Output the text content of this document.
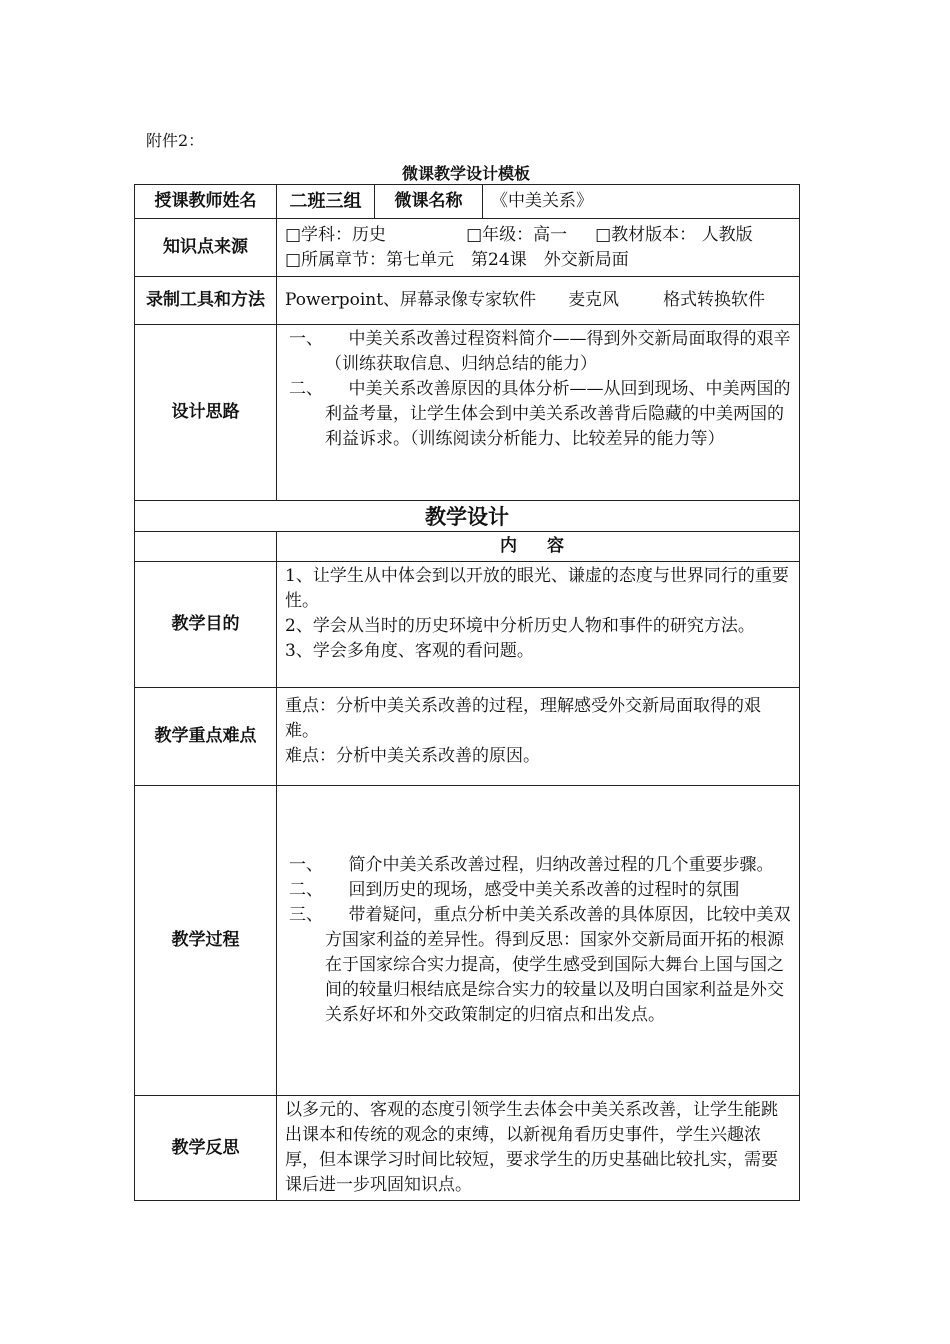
附件2：
微课教学设计模板
授课教师姓名	二班三组	微课名称	《中美关系》
知识点来源	□学科：历史 □年级：高一 □教材版本： 人教版
□所属章节：第七单元　第24课　外交新局面		

录制工具和方法	Powerpoint、屏幕录像专家软件 麦克风 格式转换软件		
设计思路	一、　　中美关系改善过程资料简介——得到外交新局面取得的艰辛（训练获取信息、归纳总结的能力）
二、　　中美关系改善原因的具体分析——从回到现场、中美两国的利益考量，让学生体会到中美关系改善背后隐藏的中美两国的利益诉求。（训练阅读分析能力、比较差异的能力等）		

教学设计			
	内 容		
教学目的	1、让学生从中体会到以开放的眼光、谦虚的态度与世界同行的重要性。
2、学会从当时的历史环境中分析历史人物和事件的研究方法。
3、学会多角度、客观的看问题。		

教学重点难点	重点：分析中美关系改善的过程，理解感受外交新局面取得的艰难。
难点：分析中美关系改善的原因。		

教学过程	一、　　简介中美关系改善过程，归纳改善过程的几个重要步骤。
二、　　回到历史的现场，感受中美关系改善的过程时的氛围
三、　　带着疑问，重点分析中美关系改善的具体原因，比较中美双方国家利益的差异性。得到反思：国家外交新局面开拓的根源在于国家综合实力提高，使学生感受到国际大舞台上国与国之间的较量归根结底是综合实力的较量以及明白国家利益是外交关系好坏和外交政策制定的归宿点和出发点。		

教学反思	以多元的、客观的态度引领学生去体会中美关系改善，让学生能跳出课本和传统的观念的束缚，以新视角看历史事件，学生兴趣浓厚，但本课学习时间比较短，要求学生的历史基础比较扎实，需要课后进一步巩固知识点。		
